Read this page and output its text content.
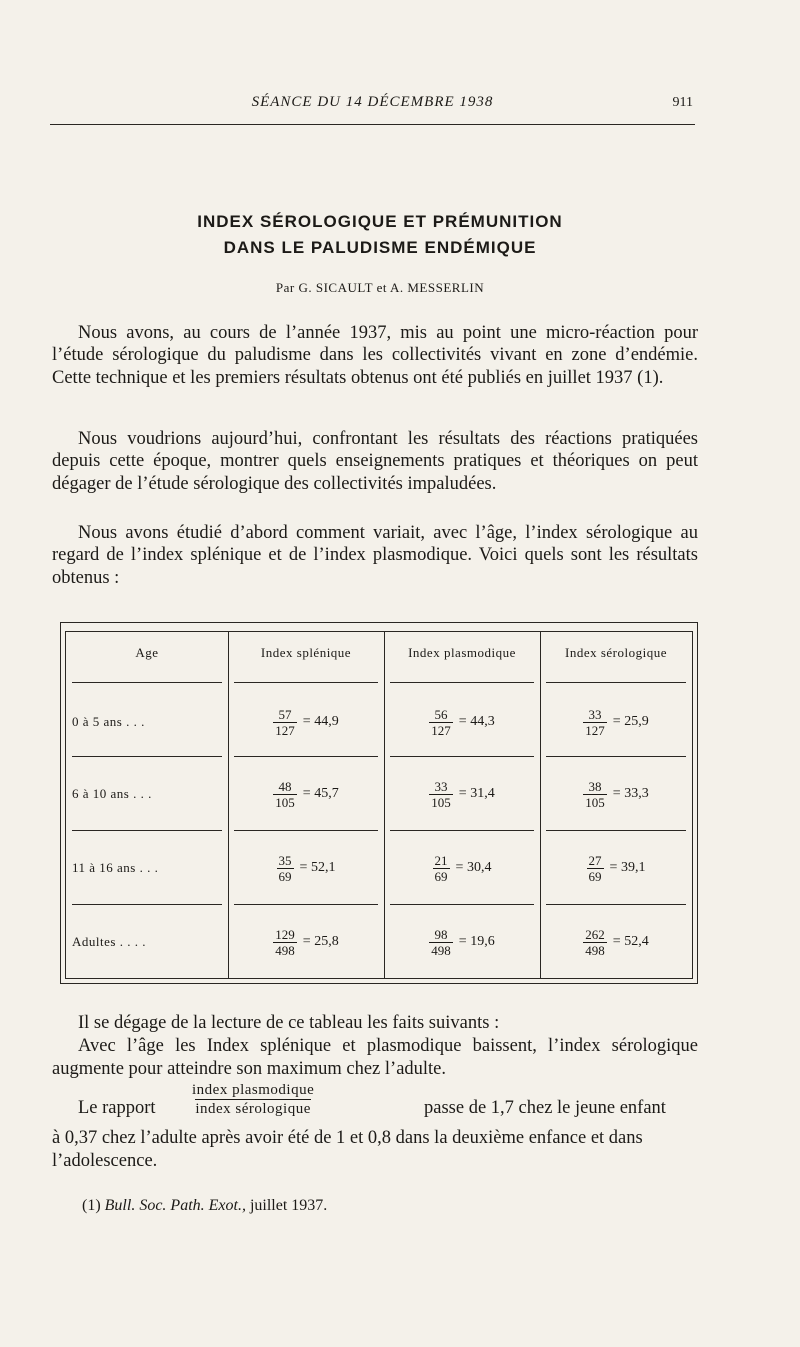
SÉANCE DU 14 DÉCEMBRE 1938	911
INDEX SÉROLOGIQUE ET PRÉMUNITION
DANS LE PALUDISME ENDÉMIQUE
Par G. SICAULT et A. MESSERLIN

Nous avons, au cours de l’année 1937, mis au point une micro-réaction pour l’étude sérologique du paludisme dans les collectivités vivant en zone d’endémie. Cette technique et les premiers résultats obtenus ont été publiés en juillet 1937 (1).

Nous voudrions aujourd’hui, confrontant les résultats des réactions pratiquées depuis cette époque, montrer quels enseignements pratiques et théoriques on peut dégager de l’étude sérologique des collectivités impaludées.

Nous avons étudié d’abord comment variait, avec l’âge, l’index sérologique au regard de l’index splénique et de l’index plasmodique. Voici quels sont les résultats obtenus :

Age	Index splénique	Index plasmodique	Index sérologique
0 à 5 ans . . .	$\frac{57}{127} = 44,9$	$\frac{56}{127} = 44,3$	$\frac{33}{127} = 25,9$
6 à 10 ans . . .	$\frac{48}{105} = 45,7$	$\frac{33}{105} = 31,4$	$\frac{38}{105} = 33,3$
11 à 16 ans . . .	$\frac{35}{69} = 52,1$	$\frac{21}{69} = 30,4$	$\frac{27}{69} = 39,1$
Adultes . . . .	$\frac{129}{498} = 25,8$	$\frac{98}{498} = 19,6$	$\frac{262}{498} = 52,4$

Il se dégage de la lecture de ce tableau les faits suivants :

Avec l’âge les Index splénique et plasmodique baissent, l’index sérologique augmente pour atteindre son maximum chez l’adulte.

Le rapport
index plasmodique
index sérologique	passe de 1,7 chez le jeune enfant

à 0,37 chez l’adulte après avoir été de 1 et 0,8 dans la deuxième enfance et dans l’adolescence.

(1) Bull. Soc. Path. Exot., juillet 1937.
